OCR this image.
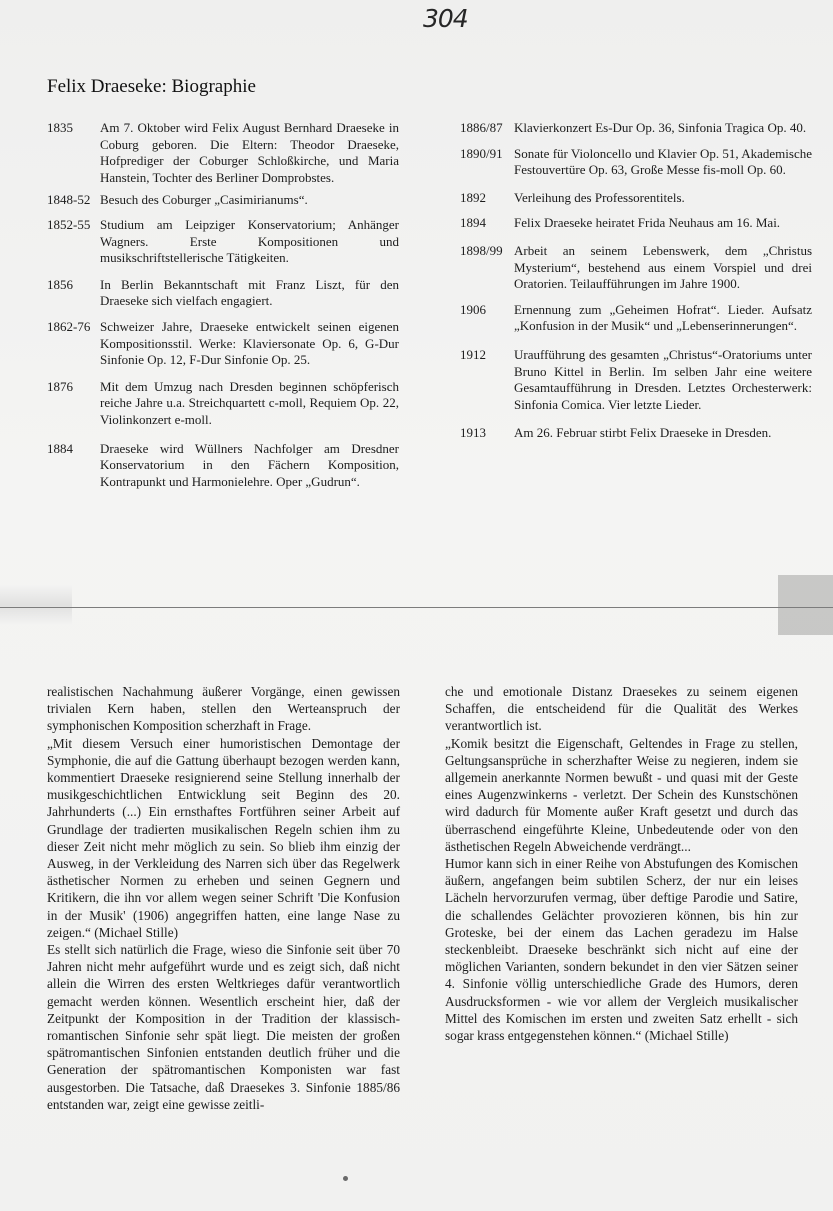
304
Felix Draeseke: Biographie
1835 Am 7. Oktober wird Felix August Bernhard Draeseke in Coburg geboren. Die Eltern: Theodor Draeseke, Hofprediger der Coburger Schloßkirche, und Maria Hanstein, Tochter des Berliner Domprobstes.
1848-52 Besuch des Coburger „Casimirianums“.
1852-55 Studium am Leipziger Konservatorium; Anhänger Wagners. Erste Kompositionen und musikschriftstellerische Tätigkeiten.
1856 In Berlin Bekanntschaft mit Franz Liszt, für den Draeseke sich vielfach engagiert.
1862-76 Schweizer Jahre, Draeseke entwickelt seinen eigenen Kompositionsstil. Werke: Klaviersonate Op. 6, G-Dur Sinfonie Op. 12, F-Dur Sinfonie Op. 25.
1876 Mit dem Umzug nach Dresden beginnen schöpferisch reiche Jahre u.a. Streichquartett c-moll, Requiem Op. 22, Violinkonzert e-moll.
1884 Draeseke wird Wüllners Nachfolger am Dresdner Konservatorium in den Fächern Komposition, Kontrapunkt und Harmonielehre. Oper „Gudrun“.
1886/87 Klavierkonzert Es-Dur Op. 36, Sinfonia Tragica Op. 40.
1890/91 Sonate für Violoncello und Klavier Op. 51, Akademische Festouvertüre Op. 63, Große Messe fis-moll Op. 60.
1892 Verleihung des Professorentitels.
1894 Felix Draeseke heiratet Frida Neuhaus am 16. Mai.
1898/99 Arbeit an seinem Lebenswerk, dem „Christus Mysterium“, bestehend aus einem Vorspiel und drei Oratorien. Teilaufführungen im Jahre 1900.
1906 Ernennung zum „Geheimen Hofrat“. Lieder. Aufsatz „Konfusion in der Musik“ und „Lebenserinnerungen“.
1912 Uraufführung des gesamten „Christus“-Oratoriums unter Bruno Kittel in Berlin. Im selben Jahr eine weitere Gesamtaufführung in Dresden. Letztes Orchesterwerk: Sinfonia Comica. Vier letzte Lieder.
1913 Am 26. Februar stirbt Felix Draeseke in Dresden.

realistischen Nachahmung äußerer Vorgänge, einen gewissen trivialen Kern haben, stellen den Werteanspruch der symphonischen Komposition scherzhaft in Frage.

„Mit diesem Versuch einer humoristischen Demontage der Symphonie, die auf die Gattung überhaupt bezogen werden kann, kommentiert Draeseke resignierend seine Stellung innerhalb der musikgeschichtlichen Entwicklung seit Beginn des 20. Jahrhunderts (...) Ein ernsthaftes Fortführen seiner Arbeit auf Grundlage der tradierten musikalischen Regeln schien ihm zu dieser Zeit nicht mehr möglich zu sein. So blieb ihm einzig der Ausweg, in der Verkleidung des Narren sich über das Regelwerk ästhetischer Normen zu erheben und seinen Gegnern und Kritikern, die ihn vor allem wegen seiner Schrift 'Die Konfusion in der Musik' (1906) angegriffen hatten, eine lange Nase zu zeigen.“ (Michael Stille)

Es stellt sich natürlich die Frage, wieso die Sinfonie seit über 70 Jahren nicht mehr aufgeführt wurde und es zeigt sich, daß nicht allein die Wirren des ersten Weltkrieges dafür verantwortlich gemacht werden können. Wesentlich erscheint hier, daß der Zeitpunkt der Komposition in der Tradition der klassisch-romantischen Sinfonie sehr spät liegt. Die meisten der großen spätromantischen Sinfonien entstanden deutlich früher und die Generation der spätromantischen Komponisten war fast ausgestorben. Die Tatsache, daß Draesekes 3. Sinfonie 1885/86 entstanden war, zeigt eine gewisse zeitli-

che und emotionale Distanz Draesekes zu seinem eigenen Schaffen, die entscheidend für die Qualität des Werkes verantwortlich ist.

„Komik besitzt die Eigenschaft, Geltendes in Frage zu stellen, Geltungsansprüche in scherzhafter Weise zu negieren, indem sie allgemein anerkannte Normen bewußt - und quasi mit der Geste eines Augenzwinkerns - verletzt. Der Schein des Kunstschönen wird dadurch für Momente außer Kraft gesetzt und durch das überraschend eingeführte Kleine, Unbedeutende oder von den ästhetischen Regeln Abweichende verdrängt...

Humor kann sich in einer Reihe von Abstufungen des Komischen äußern, angefangen beim subtilen Scherz, der nur ein leises Lächeln hervorzurufen vermag, über deftige Parodie und Satire, die schallendes Gelächter provozieren können, bis hin zur Groteske, bei der einem das Lachen geradezu im Halse steckenbleibt. Draeseke beschränkt sich nicht auf eine der möglichen Varianten, sondern bekundet in den vier Sätzen seiner 4. Sinfonie völlig unterschiedliche Grade des Humors, deren Ausdrucksformen - wie vor allem der Vergleich musikalischer Mittel des Komischen im ersten und zweiten Satz erhellt - sich sogar krass entgegenstehen können.“ (Michael Stille)
